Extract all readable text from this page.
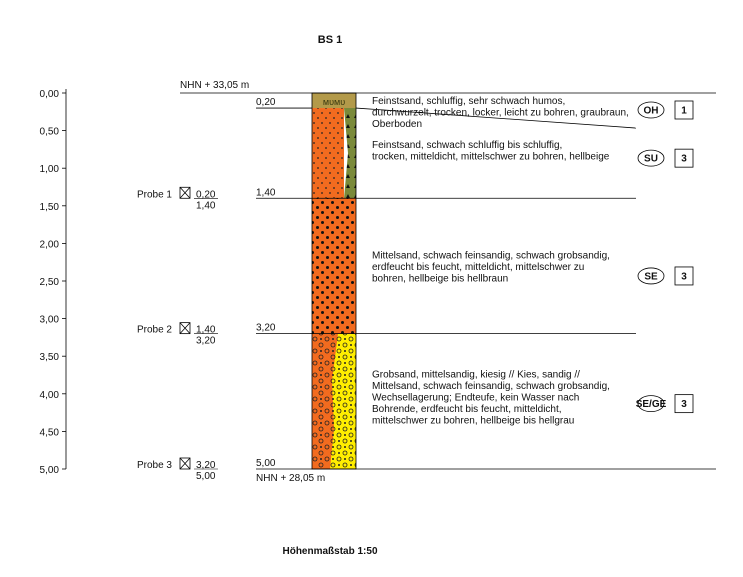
BS 1
Höhenmaßstab 1:50
0,00
0,50
1,00
1,50
2,00
2,50
3,00
3,50
4,00
4,50
5,00
NHN + 33,05 m
NHN + 28,05 m
ᴍᴜᴍᴜ
0,20	Feinstsand, schluffig, sehr schwach humos,
durchwurzelt, trocken, locker, leicht zu bohren, graubraun,
Oberboden
OH 1
1,40
Feinstsand, schwach schluffig bis schluffig,
trocken, mitteldicht, mittelschwer zu bohren, hellbeige	SU 3
3,20
Mittelsand, schwach feinsandig, schwach grobsandig,
erdfeucht bis feucht, mitteldicht, mittelschwer zu
bohren, hellbeige bis hellbraun	SE 3
5,00
Grobsand, mittelsandig, kiesig // Kies, sandig //
Mittelsand, schwach feinsandig, schwach grobsandig,
Wechsellagerung; Endteufe, kein Wasser nach
Bohrende, erdfeucht bis feucht, mitteldicht,
mittelschwer zu bohren, hellbeige bis hellgrau
SE/GE 3
Probe 1 0,20
1,40
Probe 2 1,40
3,20
Probe 3 3,20
5,00
